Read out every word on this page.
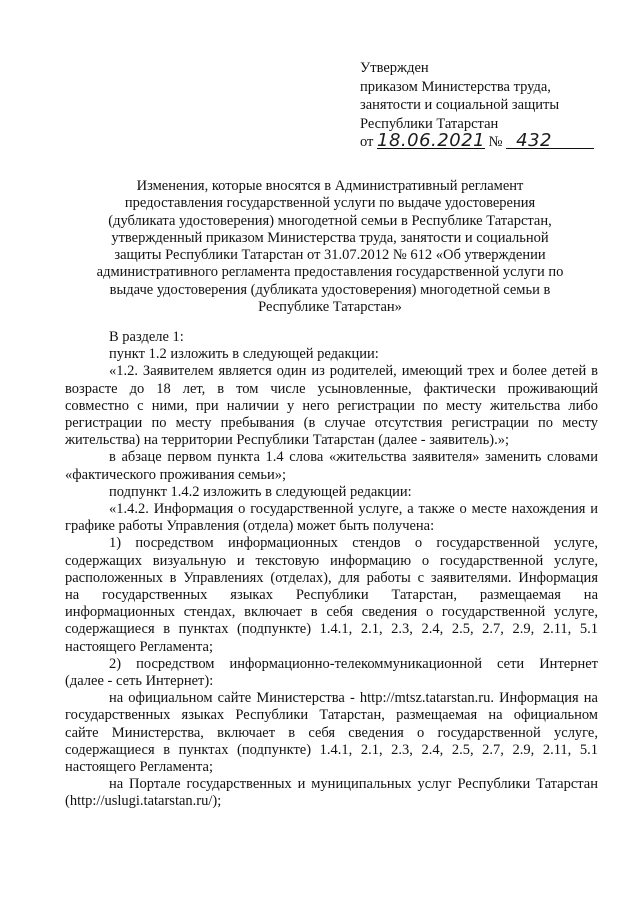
Утвержден
приказом Министерства труда,
занятости и социальной защиты
Республики Татарстан
от 18.06.2021 № 432
Изменения, которые вносятся в Административный регламент
предоставления государственной услуги по выдаче удостоверения
(дубликата удостоверения) многодетной семьи в Республике Татарстан,
утвержденный приказом Министерства труда, занятости и социальной
защиты Республики Татарстан от 31.07.2012 № 612 «Об утверждении
административного регламента предоставления государственной услуги по
выдаче удостоверения (дубликата удостоверения) многодетной семьи в
Республике Татарстан»

В разделе 1:

пункт 1.2 изложить в следующей редакции:

«1.2. Заявителем является один из родителей, имеющий трех и более детей в

возрасте до 18 лет, в том числе усыновленные, фактически проживающий

совместно с ними, при наличии у него регистрации по месту жительства либо

регистрации по месту пребывания (в случае отсутствия регистрации по месту

жительства) на территории Республики Татарстан (далее - заявитель).»;

в абзаце первом пункта 1.4 слова «жительства заявителя» заменить словами

«фактического проживания семьи»;

подпункт 1.4.2 изложить в следующей редакции:

«1.4.2. Информация о государственной услуге, а также о месте нахождения и

графике работы Управления (отдела) может быть получена:

1) посредством информационных стендов о государственной услуге,

содержащих визуальную и текстовую информацию о государственной услуге,

расположенных в Управлениях (отделах), для работы с заявителями. Информация

на государственных языках Республики Татарстан, размещаемая на

информационных стендах, включает в себя сведения о государственной услуге,

содержащиеся в пунктах (подпункте) 1.4.1, 2.1, 2.3, 2.4, 2.5, 2.7, 2.9, 2.11, 5.1

настоящего Регламента;

2) посредством информационно-телекоммуникационной сети Интернет

(далее - сеть Интернет):

на официальном сайте Министерства - http://mtsz.tatarstan.ru. Информация на

государственных языках Республики Татарстан, размещаемая на официальном

сайте Министерства, включает в себя сведения о государственной услуге,

содержащиеся в пунктах (подпункте) 1.4.1, 2.1, 2.3, 2.4, 2.5, 2.7, 2.9, 2.11, 5.1

настоящего Регламента;

на Портале государственных и муниципальных услуг Республики Татарстан

(http://uslugi.tatarstan.ru/);
